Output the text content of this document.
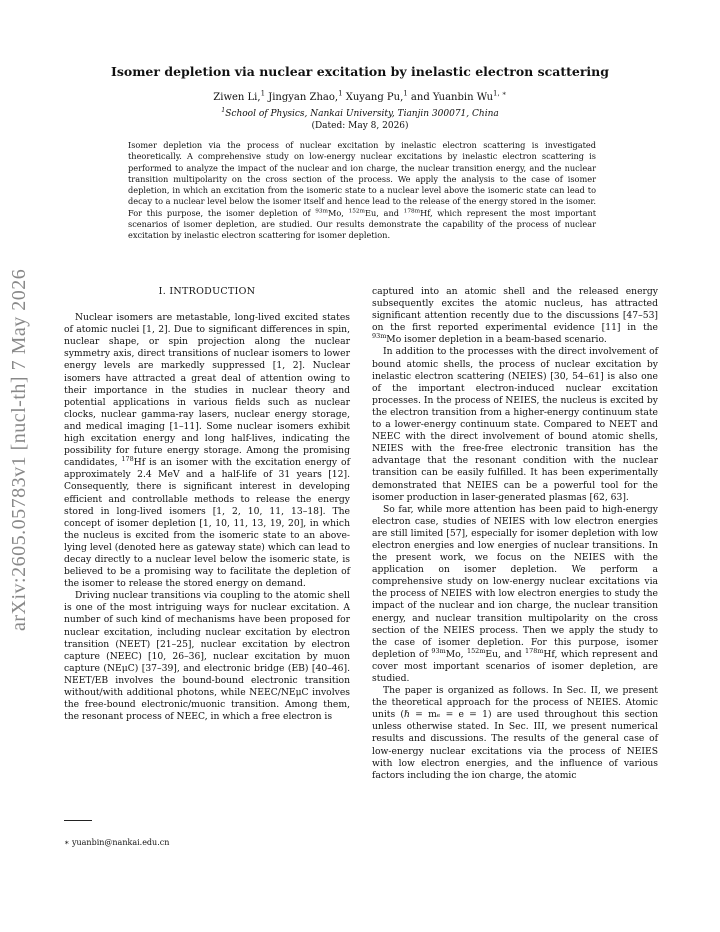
arXiv:2605.05783v1 [nucl-th] 7 May 2026
Isomer depletion via nuclear excitation by inelastic electron scattering
Ziwen Li,$^1$ Jingyan Zhao,$^1$ Xuyang Pu,$^1$ and Yuanbin $Wu^{1, ∗}$
$^1$School of Physics, Nankai University, Tianjin 300071, China
(Dated: May 8, 2026)
Isomer depletion via the process of nuclear excitation by inelastic electron scattering is investigated theoretically. A comprehensive study on low-energy nuclear excitations by inelastic electron scattering is performed to analyze the impact of the nuclear and ion charge, the nuclear transition energy, and the nuclear transition multipolarity on the cross section of the process. We apply the analysis to the case of isomer depletion, in which an excitation from the isomeric state to a nuclear level above the isomeric state can lead to decay to a nuclear level below the isomer itself and hence lead to the release of the energy stored in the isomer. For this purpose, the isomer depletion of $^{93m}$Mo, $^{152m}$Eu, and $^{178m}$Hf, which represent the most important scenarios of isomer depletion, are studied. Our results demonstrate the capability of the process of nuclear excitation by inelastic electron scattering for isomer depletion.
I. INTRODUCTION

Nuclear isomers are metastable, long-lived excited states of atomic nuclei [1, 2]. Due to significant differences in spin, nuclear shape, or spin projection along the nuclear symmetry axis, direct transitions of nuclear isomers to lower energy levels are markedly suppressed [1, 2]. Nuclear isomers have attracted a great deal of attention owing to their importance in the studies in nuclear theory and potential applications in various fields such as nuclear clocks, nuclear gamma-ray lasers, nuclear energy storage, and medical imaging [1–11]. Some nuclear isomers exhibit high excitation energy and long half-lives, indicating the possibility for future energy storage. Among the promising candidates, $^{178}$Hf is an isomer with the excitation energy of approximately 2.4 MeV and a half-life of 31 years [12]. Consequently, there is significant interest in developing efficient and controllable methods to release the energy stored in long-lived isomers [1, 2, 10, 11, 13–18]. The concept of isomer depletion [1, 10, 11, 13, 19, 20], in which the nucleus is excited from the isomeric state to an above-lying level (denoted here as gateway state) which can lead to decay directly to a nuclear level below the isomeric state, is believed to be a promising way to facilitate the depletion of the isomer to release the stored energy on demand.

Driving nuclear transitions via coupling to the atomic shell is one of the most intriguing ways for nuclear excitation. A number of such kind of mechanisms have been proposed for nuclear excitation, including nuclear excitation by electron transition (NEET) [21–25], nuclear excitation by electron capture (NEEC) [10, 26–36], nuclear excitation by muon capture (NEμC) [37–39], and electronic bridge (EB) [40–46]. NEET/EB involves the bound-bound electronic transition without/with additional photons, while NEEC/NEμC involves the free-bound electronic/muonic transition. Among them, the resonant process of NEEC, in which a free electron is

captured into an atomic shell and the released energy subsequently excites the atomic nucleus, has attracted significant attention recently due to the discussions [47–53] on the first reported experimental evidence [11] in the $^{93m}$Mo isomer depletion in a beam-based scenario.

In addition to the processes with the direct involvement of bound atomic shells, the process of nuclear excitation by inelastic electron scattering (NEIES) [30, 54–61] is also one of the important electron-induced nuclear excitation processes. In the process of NEIES, the nucleus is excited by the electron transition from a higher-energy continuum state to a lower-energy continuum state. Compared to NEET and NEEC with the direct involvement of bound atomic shells, NEIES with the free-free electronic transition has the advantage that the resonant condition with the nuclear transition can be easily fulfilled. It has been experimentally demonstrated that NEIES can be a powerful tool for the isomer production in laser-generated plasmas [62, 63].

So far, while more attention has been paid to high-energy electron case, studies of NEIES with low electron energies are still limited [57], especially for isomer depletion with low electron energies and low energies of nuclear transitions. In the present work, we focus on the NEIES with the application on isomer depletion. We perform a comprehensive study on low-energy nuclear excitations via the process of NEIES with low electron energies to study the impact of the nuclear and ion charge, the nuclear transition energy, and nuclear transition multipolarity on the cross section of the NEIES process. Then we apply the study to the case of isomer depletion. For this purpose, isomer depletion of $^{93m}$Mo, $^{152m}$Eu, and $^{178m}$Hf, which represent and cover most important scenarios of isomer depletion, are studied.

The paper is organized as follows. In Sec. II, we present the theoretical approach for the process of NEIES. Atomic units (ℏ = mₑ = e = 1) are used throughout this section unless otherwise stated. In Sec. III, we present numerical results and discussions. The results of the general case of low-energy nuclear excitations via the process of NEIES with low electron energies, and the influence of various factors including the ion charge, the atomic

∗ yuanbin@nankai.edu.cn
